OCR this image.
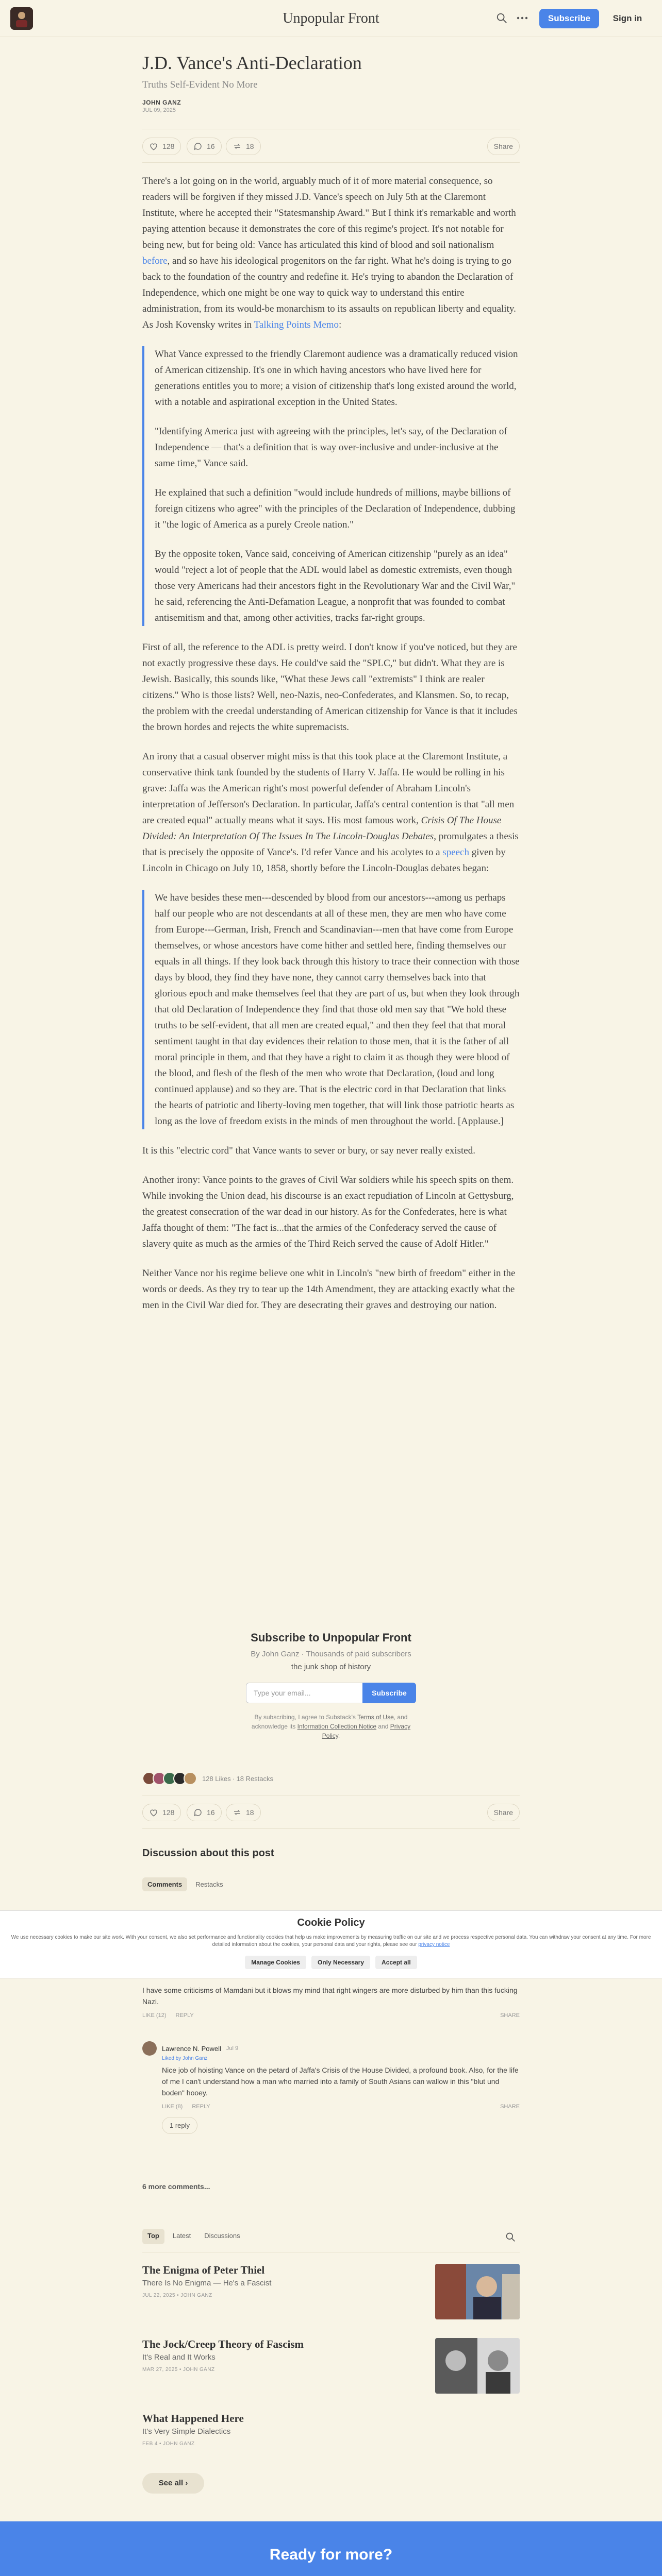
Unpopular Front	Subscribe	Sign in
J.D. Vance's Anti-Declaration
Truths Self-Evident No More
JOHN GANZ
JUL 09, 2025
128	16	18	Share

There's a lot going on in the world, arguably much of it of more material consequence, so readers will be forgiven if they missed J.D. Vance's speech on July 5th at the Claremont Institute, where he accepted their "Statesmanship Award." But I think it's remarkable and worth paying attention because it demonstrates the core of this regime's project. It's not notable for being new, but for being old: Vance has articulated this kind of blood and soil nationalism before, and so have his ideological progenitors on the far right. What he's doing is trying to go back to the foundation of the country and redefine it. He's trying to abandon the Declaration of Independence, which one might be one way to quick way to understand this entire administration, from its would-be monarchism to its assaults on republican liberty and equality. As Josh Kovensky writes in Talking Points Memo:

What Vance expressed to the friendly Claremont audience was a dramatically reduced vision of American citizenship. It's one in which having ancestors who have lived here for generations entitles you to more; a vision of citizenship that's long existed around the world, with a notable and aspirational exception in the United States.

"Identifying America just with agreeing with the principles, let's say, of the Declaration of Independence — that's a definition that is way over-inclusive and under-inclusive at the same time," Vance said.

He explained that such a definition "would include hundreds of millions, maybe billions of foreign citizens who agree" with the principles of the Declaration of Independence, dubbing it "the logic of America as a purely Creole nation."

By the opposite token, Vance said, conceiving of American citizenship "purely as an idea" would "reject a lot of people that the ADL would label as domestic extremists, even though those very Americans had their ancestors fight in the Revolutionary War and the Civil War," he said, referencing the Anti-Defamation League, a nonprofit that was founded to combat antisemitism and that, among other activities, tracks far-right groups.

First of all, the reference to the ADL is pretty weird. I don't know if you've noticed, but they are not exactly progressive these days. He could've said the "SPLC," but didn't. What they are is Jewish. Basically, this sounds like, "What these Jews call "extremists" I think are realer citizens." Who is those lists? Well, neo-Nazis, neo-Confederates, and Klansmen. So, to recap, the problem with the creedal understanding of American citizenship for Vance is that it includes the brown hordes and rejects the white supremacists.

An irony that a casual observer might miss is that this took place at the Claremont Institute, a conservative think tank founded by the students of Harry V. Jaffa. He would be rolling in his grave: Jaffa was the American right's most powerful defender of Abraham Lincoln's interpretation of Jefferson's Declaration. In particular, Jaffa's central contention is that "all men are created equal" actually means what it says. His most famous work, Crisis Of The House Divided: An Interpretation Of The Issues In The Lincoln-Douglas Debates, promulgates a thesis that is precisely the opposite of Vance's. I'd refer Vance and his acolytes to a speech given by Lincoln in Chicago on July 10, 1858, shortly before the Lincoln-Douglas debates began:

We have besides these men---descended by blood from our ancestors---among us perhaps half our people who are not descendants at all of these men, they are men who have come from Europe---German, Irish, French and Scandinavian---men that have come from Europe themselves, or whose ancestors have come hither and settled here, finding themselves our equals in all things. If they look back through this history to trace their connection with those days by blood, they find they have none, they cannot carry themselves back into that glorious epoch and make themselves feel that they are part of us, but when they look through that old Declaration of Independence they find that those old men say that "We hold these truths to be self-evident, that all men are created equal," and then they feel that that moral sentiment taught in that day evidences their relation to those men, that it is the father of all moral principle in them, and that they have a right to claim it as though they were blood of the blood, and flesh of the flesh of the men who wrote that Declaration, (loud and long continued applause) and so they are. That is the electric cord in that Declaration that links the hearts of patriotic and liberty-loving men together, that will link those patriotic hearts as long as the love of freedom exists in the minds of men throughout the world. [Applause.]

It is this "electric cord" that Vance wants to sever or bury, or say never really existed.

Another irony: Vance points to the graves of Civil War soldiers while his speech spits on them. While invoking the Union dead, his discourse is an exact repudiation of Lincoln at Gettysburg, the greatest consecration of the war dead in our history. As for the Confederates, here is what Jaffa thought of them: "The fact is...that the armies of the Confederacy served the cause of slavery quite as much as the armies of the Third Reich served the cause of Adolf Hitler."

Neither Vance nor his regime believe one whit in Lincoln's "new birth of freedom" either in the words or deeds. As they try to tear up the 14th Amendment, they are attacking exactly what the men in the Civil War died for. They are desecrating their graves and destroying our nation.

Subscribe to Unpopular Front
By John Ganz · Thousands of paid subscribers
the junk shop of history
Type your email...	Subscribe
By subscribing, I agree to Substack's Terms of Use, and acknowledge its Information Collection Notice and Privacy Policy.
128 Likes ∙ 18 Restacks
128	16	18	Share
Discussion about this post
Comments	Restacks
Cookie Policy
We use necessary cookies to make our site work. With your consent, we also set performance and functionality cookies that help us make improvements by measuring traffic on our site and we process respective personal data. You can withdraw your consent at any time. For more detailed information about the cookies, your personal data and your rights, please see our privacy notice
Manage Cookies	Only Necessary	Accept all
I have some criticisms of Mamdani but it blows my mind that right wingers are more disturbed by him than this fucking Nazi.
LIKE (12) REPLY	SHARE
Lawrence N. Powell Jul 9
Liked by John Ganz
Nice job of hoisting Vance on the petard of Jaffa's Crisis of the House Divided, a profound book. Also, for the life of me I can't understand how a man who married into a family of South Asians can wallow in this "blut und boden" hooey.
LIKE (8) REPLY	SHARE
1 reply
6 more comments...
Top	Latest	Discussions
The Enigma of Peter Thiel
There Is No Enigma — He's a Fascist
JUL 22, 2025 • JOHN GANZ
The Jock/Creep Theory of Fascism
It's Real and It Works
MAR 27, 2025 • JOHN GANZ
What Happened Here
It's Very Simple Dialectics
FEB 4 • JOHN GANZ
See all ›
Ready for more?
